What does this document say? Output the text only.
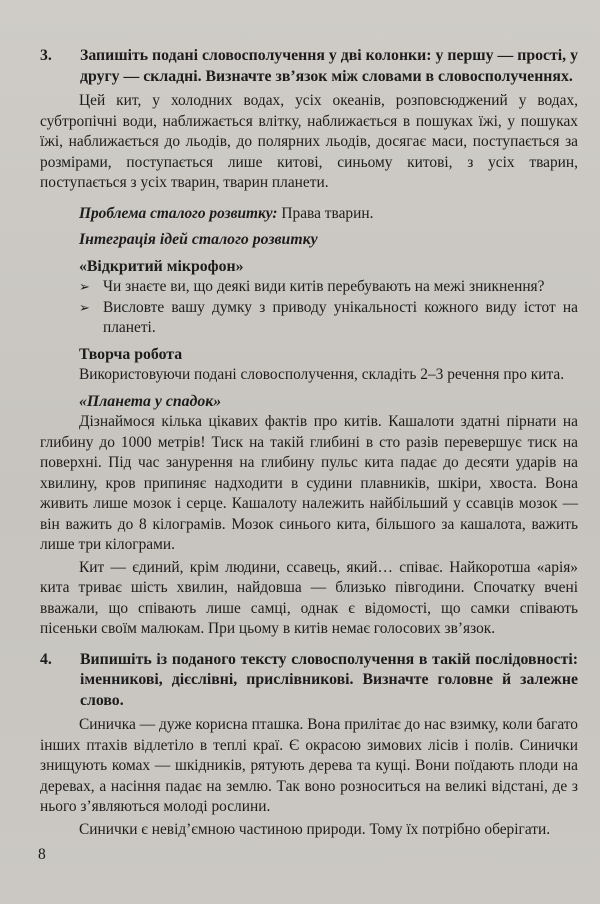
3.	Запишіть подані словосполучення у дві колонки: у першу — прості, у другу — складні. Визначте зв’язок між словами в словосполученнях.

Цей кит, у холодних водах, усіх океанів, розповсюджений у водах, субтропічні води, наближається влітку, наближається в пошуках їжі, у пошуках їжі, наближається до льодів, до полярних льодів, досягає маси, поступається за розмірами, поступається лише китові, синьому китові, з усіх тварин, поступається з усіх тварин, тварин планети.

Проблема сталого розвитку: Права тварин.

Інтеграція ідей сталого розвитку
«Відкритий мікрофон»
➢ Чи знаєте ви, що деякі види китів перебувають на межі зникнення?
➢ Висловте вашу думку з приводу унікальності кожного виду істот на планеті.
Творча робота

Використовуючи подані словосполучення, складіть 2–3 речення про кита.

«Планета у спадок»

Дізнаймося кілька цікавих фактів про китів. Кашалоти здатні пірнати на глибину до 1000 метрів! Тиск на такій глибині в сто разів перевершує тиск на поверхні. Під час занурення на глибину пульс кита падає до десяти ударів на хвилину, кров припиняє надходити в судини плавників, шкіри, хвоста. Вона живить лише мозок і серце. Кашалоту належить найбільший у ссавців мозок — він важить до 8 кілограмів. Мозок синього кита, більшого за кашалота, важить лише три кілограми.

Кит — єдиний, крім людини, ссавець, який… співає. Найкоротша «арія» кита триває шість хвилин, найдовша — близько півгодини. Спочатку вчені вважали, що співають лише самці, однак є відомості, що самки співають пісеньки своїм малюкам. При цьому в китів немає голосових зв’язок.

4.	Випишіть із поданого тексту словосполучення в такій послідовності: іменникові, дієслівні, прислівникові. Визначте головне й залежне слово.

Синичка — дуже корисна пташка. Вона прилітає до нас взимку, коли багато інших птахів відлетіло в теплі краї. Є окрасою зимових лісів і полів. Синички знищують комах — шкідників, рятують дерева та кущі. Вони поїдають плоди на деревах, а насіння падає на землю. Так воно розноситься на великі відстані, де з нього з’являються молоді рослини.

Синички є невід’ємною частиною природи. Тому їх потрібно оберігати.

8
